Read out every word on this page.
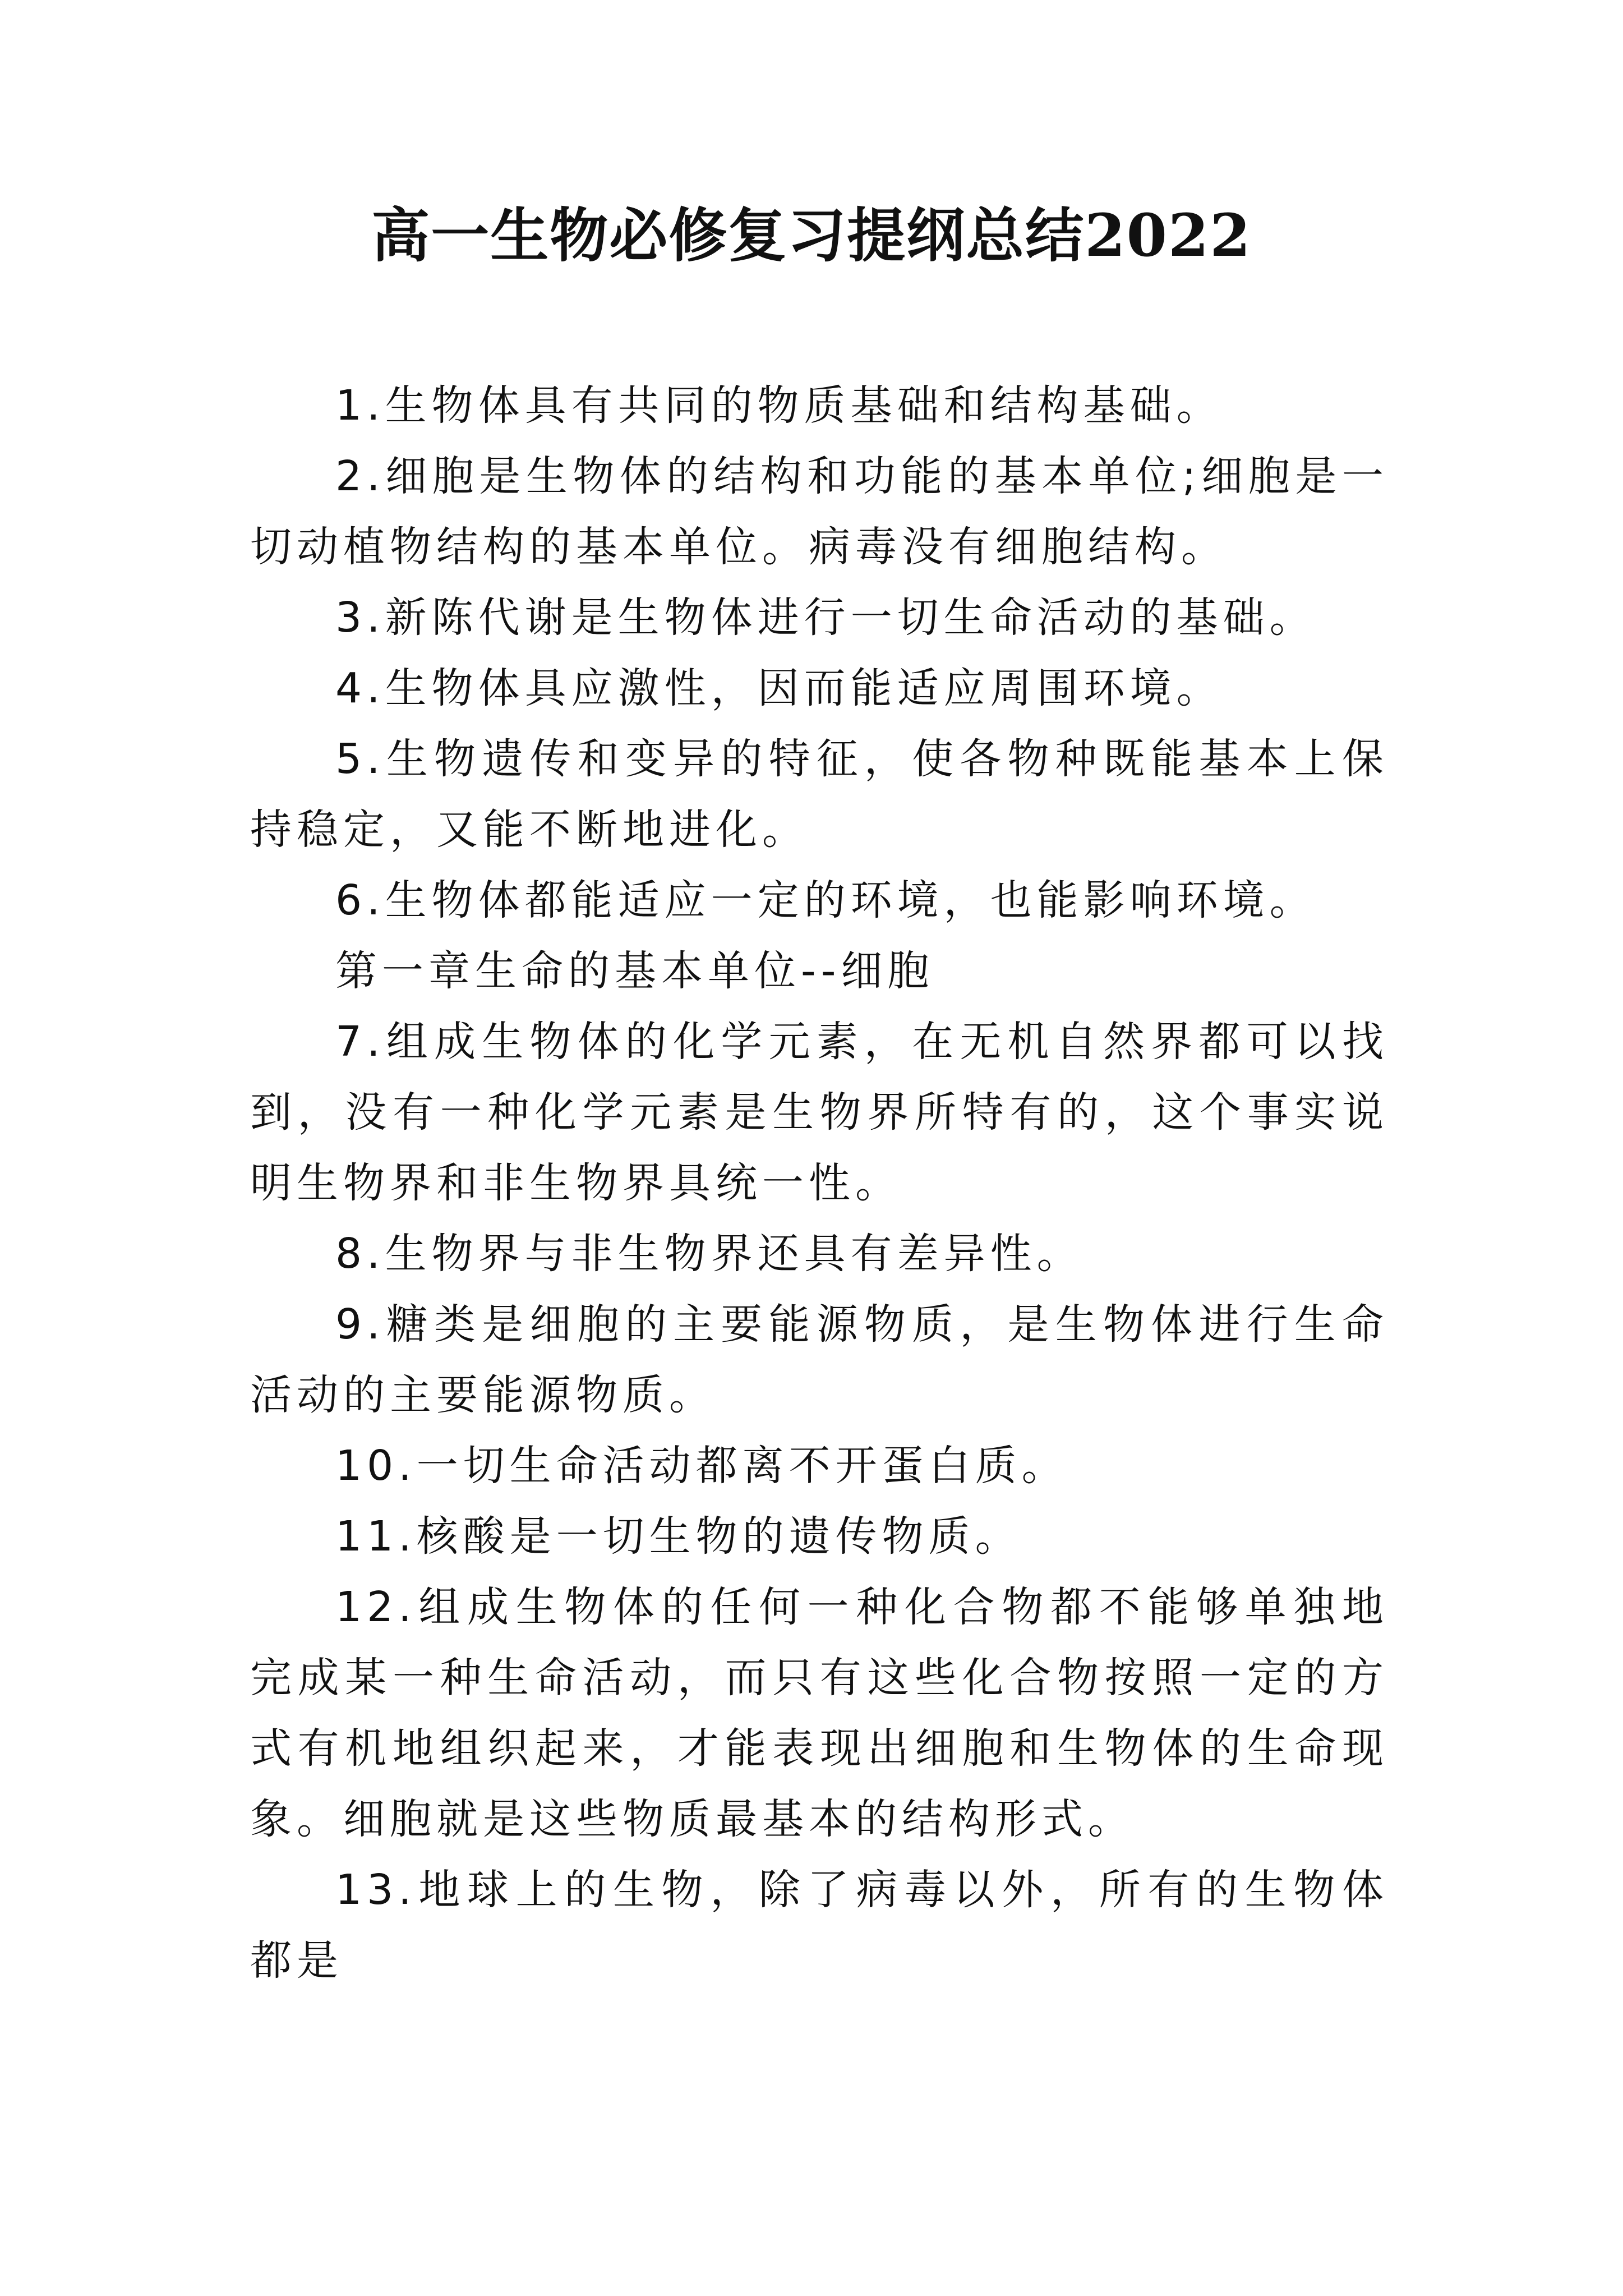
高一生物必修复习提纲总结2022

1.生物体具有共同的物质基础和结构基础。

2.细胞是生物体的结构和功能的基本单位;细胞是一切动植物结构的基本单位。病毒没有细胞结构。

3.新陈代谢是生物体进行一切生命活动的基础。

4.生物体具应激性，因而能适应周围环境。

5.生物遗传和变异的特征，使各物种既能基本上保持稳定，又能不断地进化。

6.生物体都能适应一定的环境，也能影响环境。

第一章生命的基本单位--细胞

7.组成生物体的化学元素，在无机自然界都可以找到，没有一种化学元素是生物界所特有的，这个事实说明生物界和非生物界具统一性。

8.生物界与非生物界还具有差异性。

9.糖类是细胞的主要能源物质，是生物体进行生命活动的主要能源物质。

10.一切生命活动都离不开蛋白质。

11.核酸是一切生物的遗传物质。

12.组成生物体的任何一种化合物都不能够单独地完成某一种生命活动，而只有这些化合物按照一定的方式有机地组织起来，才能表现出细胞和生物体的生命现象。细胞就是这些物质最基本的结构形式。

13.地球上的生物，除了病毒以外，所有的生物体都是
